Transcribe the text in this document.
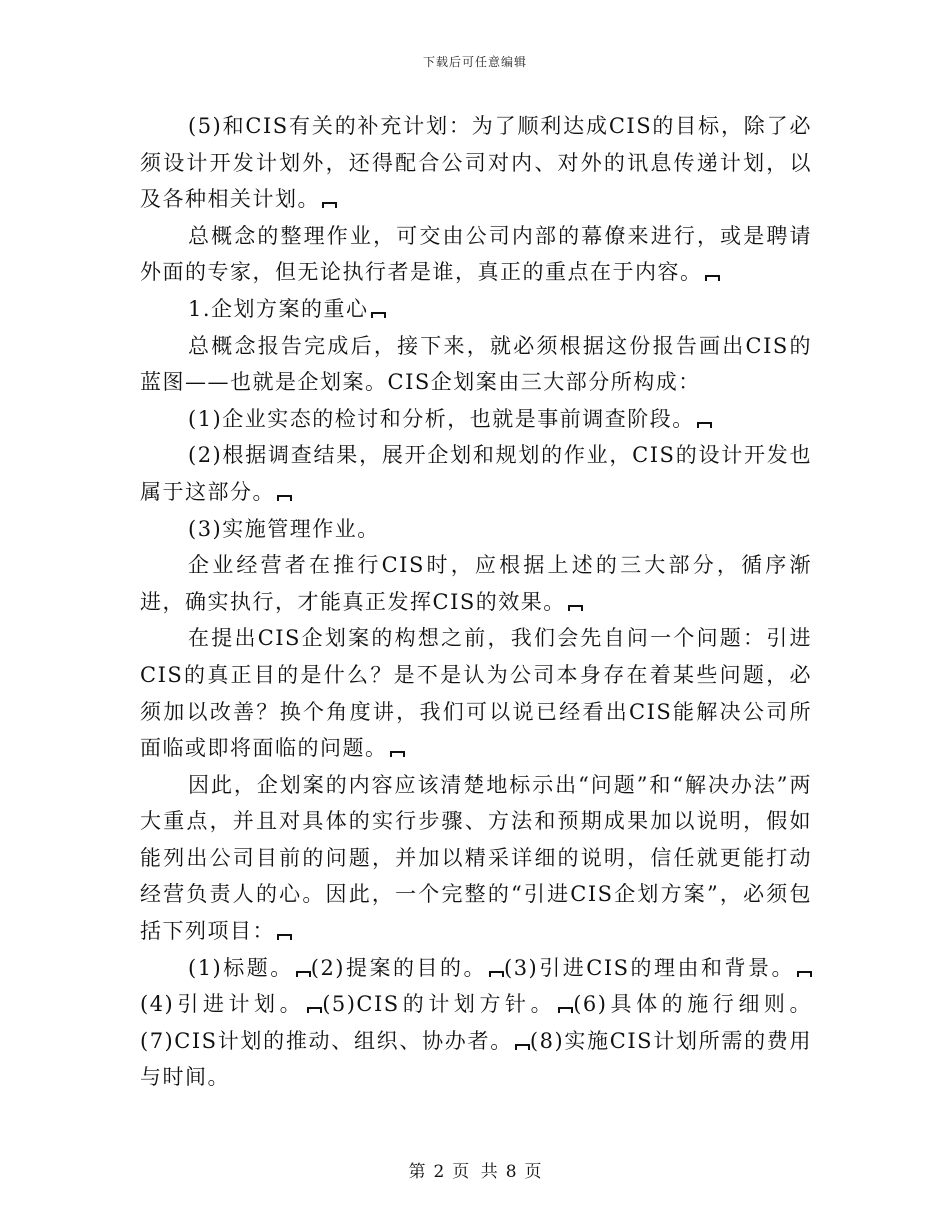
下载后可任意编辑

(5)和CIS有关的补充计划：为了顺利达成CIS的目标，除了必须设计开发计划外，还得配合公司对内、对外的讯息传递计划，以及各种相关计划。

总概念的整理作业，可交由公司内部的幕僚来进行，或是聘请外面的专家，但无论执行者是谁，真正的重点在于内容。

1.企划方案的重心

总概念报告完成后，接下来，就必须根据这份报告画出CIS的蓝图——也就是企划案。CIS企划案由三大部分所构成：

(1)企业实态的检讨和分析，也就是事前调查阶段。

(2)根据调查结果，展开企划和规划的作业，CIS的设计开发也属于这部分。

(3)实施管理作业。

企业经营者在推行CIS时，应根据上述的三大部分，循序渐进，确实执行，才能真正发挥CIS的效果。

在提出CIS企划案的构想之前，我们会先自问一个问题：引进CIS的真正目的是什么？是不是认为公司本身存在着某些问题，必须加以改善？换个角度讲，我们可以说已经看出CIS能解决公司所面临或即将面临的问题。

因此，企划案的内容应该清楚地标示出“问题”和“解决办法”两大重点，并且对具体的实行步骤、方法和预期成果加以说明，假如能列出公司目前的问题，并加以精采详细的说明，信任就更能打动经营负责人的心。因此，一个完整的“引进CIS企划方案”，必须包括下列项目：

(1)标题。 (2)提案的目的。 (3)引进CIS的理由和背景。(4)引进计划。 (5)CIS的计划方针。 (6)具体的施行细则。(7)CIS计划的推动、组织、协办者。 (8)实施CIS计划所需的费用与时间。

第 2 页 共 8 页
